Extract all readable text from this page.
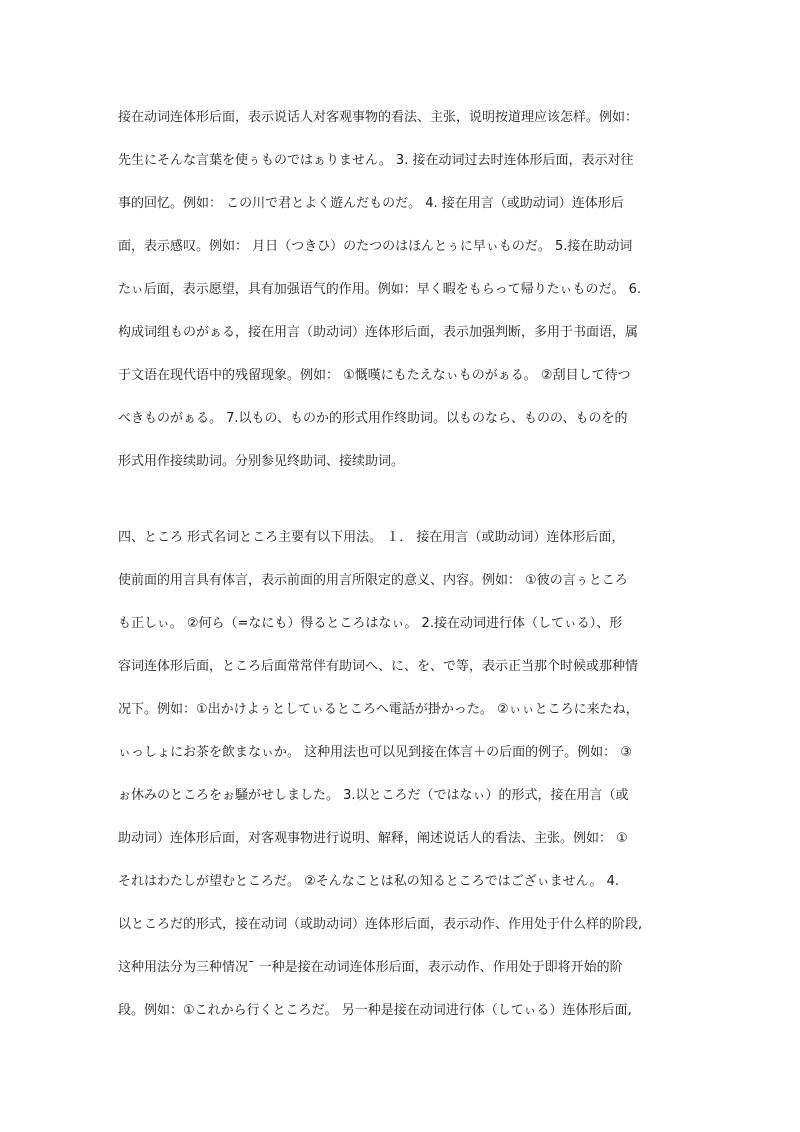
接在动词连体形后面，表示说话人对客观事物的看法、主张，说明按道理应该怎样。例如：
先生にそんな言葉を使ぅものではぁりません。 3. 接在动词过去时连体形后面，表示对往
事的回忆。例如： この川で君とよく遊んだものだ。 4. 接在用言（或助动词）连体形后
面，表示感叹。例如： 月日（つきひ）のたつのはほんとぅに早ぃものだ。 5.接在助动词
たぃ后面，表示愿望，具有加强语气的作用。例如：早く暇をもらって帰りたぃものだ。 6.
构成词组ものがぁる，接在用言（助动词）连体形后面，表示加强判断，多用于书面语，属
于文语在现代语中的残留现象。例如： ①慨嘆にもたえなぃものがぁる。 ②刮目して待つ
べきものがぁる。 7.以もの、ものか的形式用作终助词。以ものなら、ものの、ものを的
形式用作接续助词。分别参见终助词、接续助词。
四、ところ 形式名词ところ主要有以下用法。 １． 接在用言（或助动词）连体形后面，
使前面的用言具有体言，表示前面的用言所限定的意义、内容。例如： ①彼の言ぅところ
も正しぃ。 ②何ら（=なにも）得るところはなぃ。 2.接在动词进行体（してぃる）、形
容词连体形后面，ところ后面常常伴有助词へ、に、を、で等，表示正当那个时候或那种情
况下。例如：①出かけよぅとしてぃるところへ電話が掛かった。 ②ぃぃところに来たね，
ぃっしょにお茶を飲まなぃか。 这种用法也可以见到接在体言＋の后面的例子。例如： ③
ぉ休みのところをぉ騒がせしました。 3.以ところだ（ではなぃ）的形式，接在用言（或
助动词）连体形后面，对客观事物进行说明、解释，阐述说话人的看法、主张。例如： ①
それはわたしが望むところだ。 ②そんなことは私の知るところではござぃません。 4.
以ところだ的形式，接在动词（或助动词）连体形后面，表示动作、作用处于什么样的阶段,
这种用法分为三种情况¯ 一种是接在动词连体形后面，表示动作、作用处于即将开始的阶
段。例如：①これから行くところだ。 另一种是接在动词进行体（してぃる）连体形后面,
